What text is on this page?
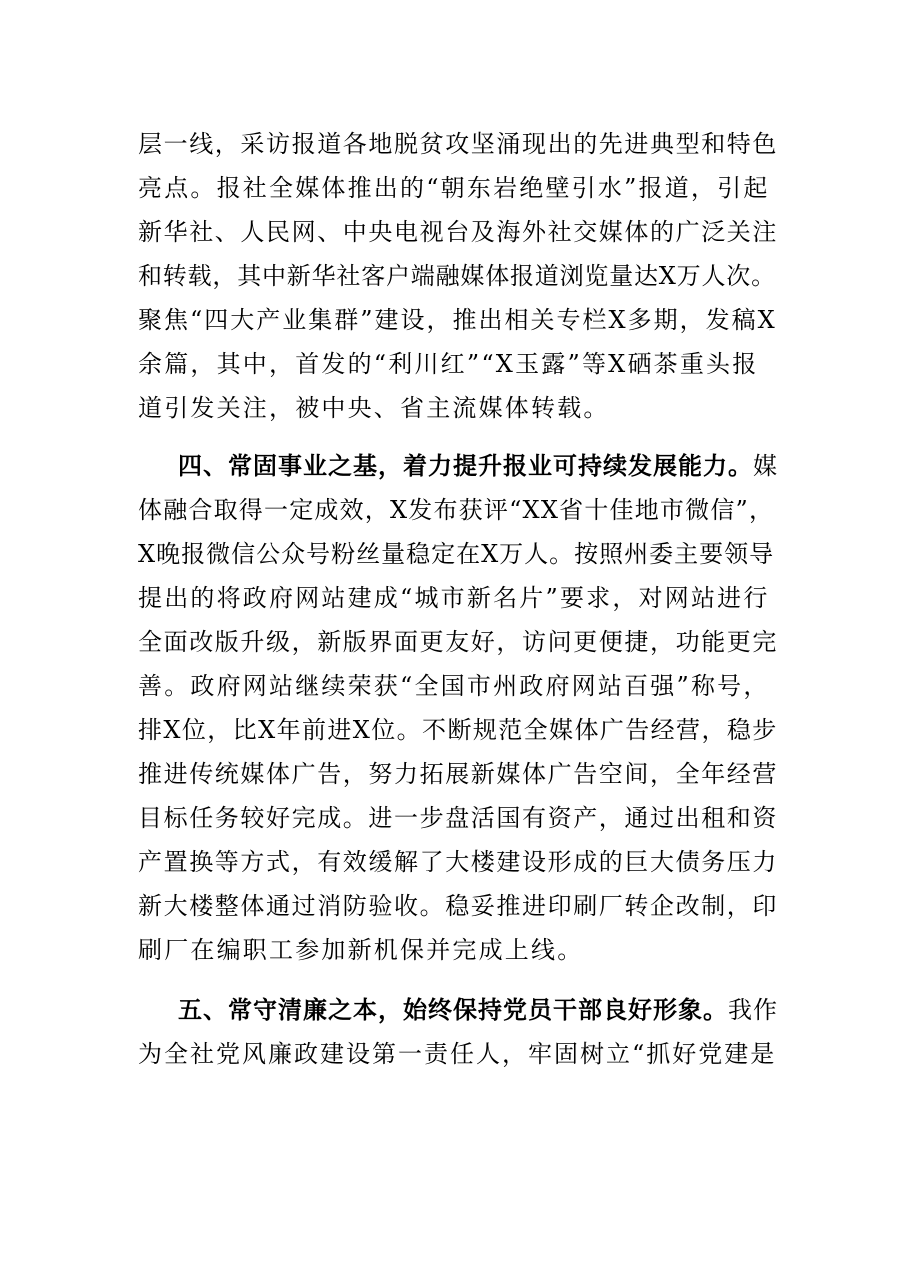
层一线，采访报道各地脱贫攻坚涌现出的先进典型和特色
亮点。报社全媒体推出的“朝东岩绝壁引水”报道，引起
新华社、人民网、中央电视台及海外社交媒体的广泛关注
和转载，其中新华社客户端融媒体报道浏览量达X万人次。
聚焦“四大产业集群”建设，推出相关专栏X多期，发稿X
余篇，其中，首发的“利川红”“X玉露”等X硒茶重头报
道引发关注，被中央、省主流媒体转载。
四、常固事业之基，着力提升报业可持续发展能力。媒
体融合取得一定成效，X发布获评“XX省十佳地市微信”，
X晚报微信公众号粉丝量稳定在X万人。按照州委主要领导
提出的将政府网站建成“城市新名片”要求，对网站进行
全面改版升级，新版界面更友好，访问更便捷，功能更完
善。政府网站继续荣获“全国市州政府网站百强”称号，
排X位，比X年前进X位。不断规范全媒体广告经营，稳步
推进传统媒体广告，努力拓展新媒体广告空间，全年经营
目标任务较好完成。进一步盘活国有资产，通过出租和资
产置换等方式，有效缓解了大楼建设形成的巨大债务压力
新大楼整体通过消防验收。稳妥推进印刷厂转企改制，印
刷厂在编职工参加新机保并完成上线。
五、常守清廉之本，始终保持党员干部良好形象。我作
为全社党风廉政建设第一责任人，牢固树立“抓好党建是
